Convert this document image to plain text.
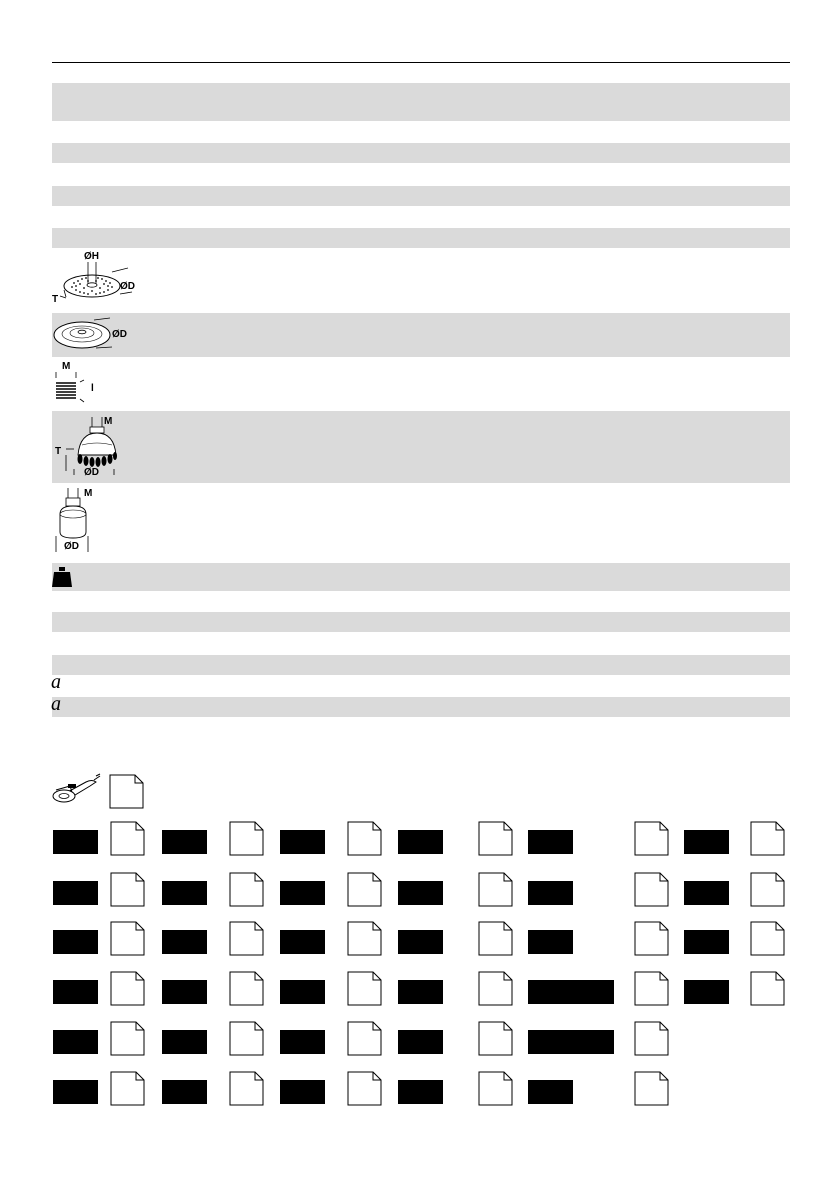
ØH
ØD
T
ØD
M
l
M
T
ØD
M
ØD
a
a
